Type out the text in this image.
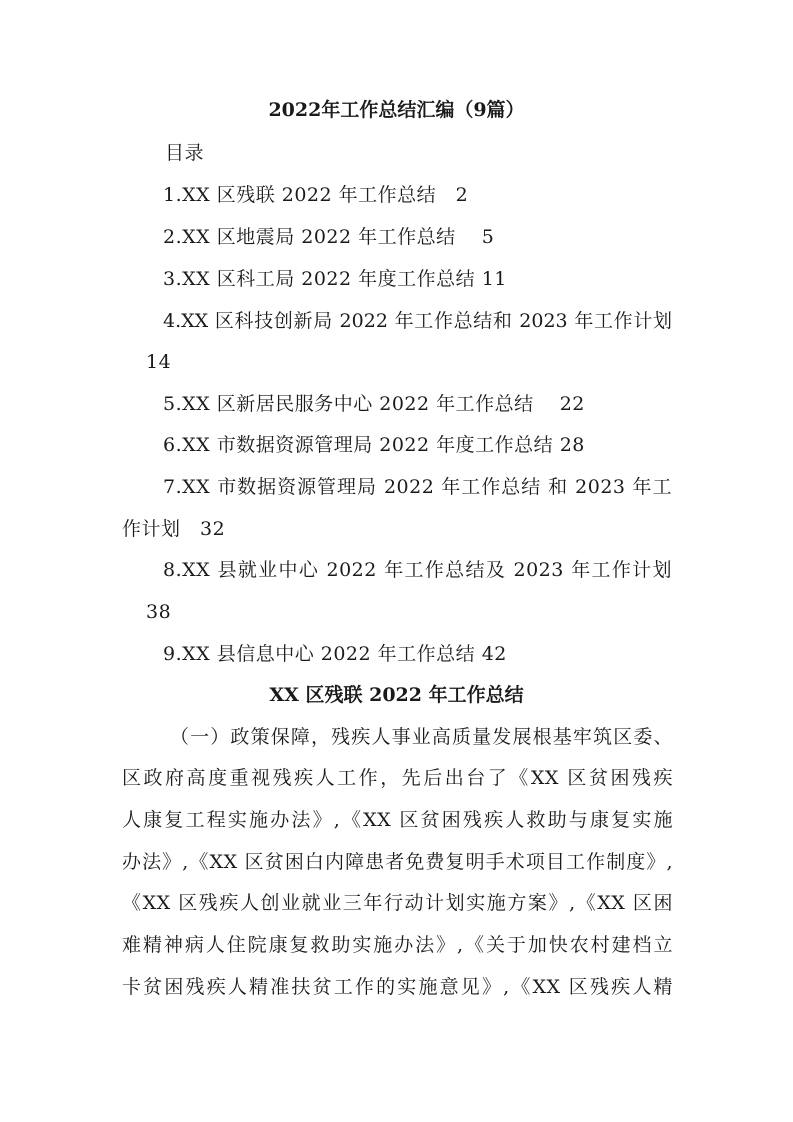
2022年工作总结汇编（9篇）
目录
1.XX 区残联 2022 年工作总结　2
2.XX 区地震局 2022 年工作总结　 5
3.XX 区科工局 2022 年度工作总结 11
4.XX 区科技创新局 2022 年工作总结和 2023 年工作计划
14
5.XX 区新居民服务中心 2022 年工作总结　 22
6.XX 市数据资源管理局 2022 年度工作总结 28
7.XX 市数据资源管理局 2022 年工作总结 和 2023 年工
作计划　32
8.XX 县就业中心 2022 年工作总结及 2023 年工作计划
38
9.XX 县信息中心 2022 年工作总结 42
XX 区残联 2022 年工作总结
（一）政策保障，残疾人事业高质量发展根基牢筑区委、
区政府高度重视残疾人工作，先后出台了《XX 区贫困残疾
人康复工程实施办法》,《XX 区贫困残疾人救助与康复实施
办法》,《XX 区贫困白内障患者免费复明手术项目工作制度》,
《XX 区残疾人创业就业三年行动计划实施方案》,《XX 区困
难精神病人住院康复救助实施办法》,《关于加快农村建档立
卡贫困残疾人精准扶贫工作的实施意见》,《XX 区残疾人精
